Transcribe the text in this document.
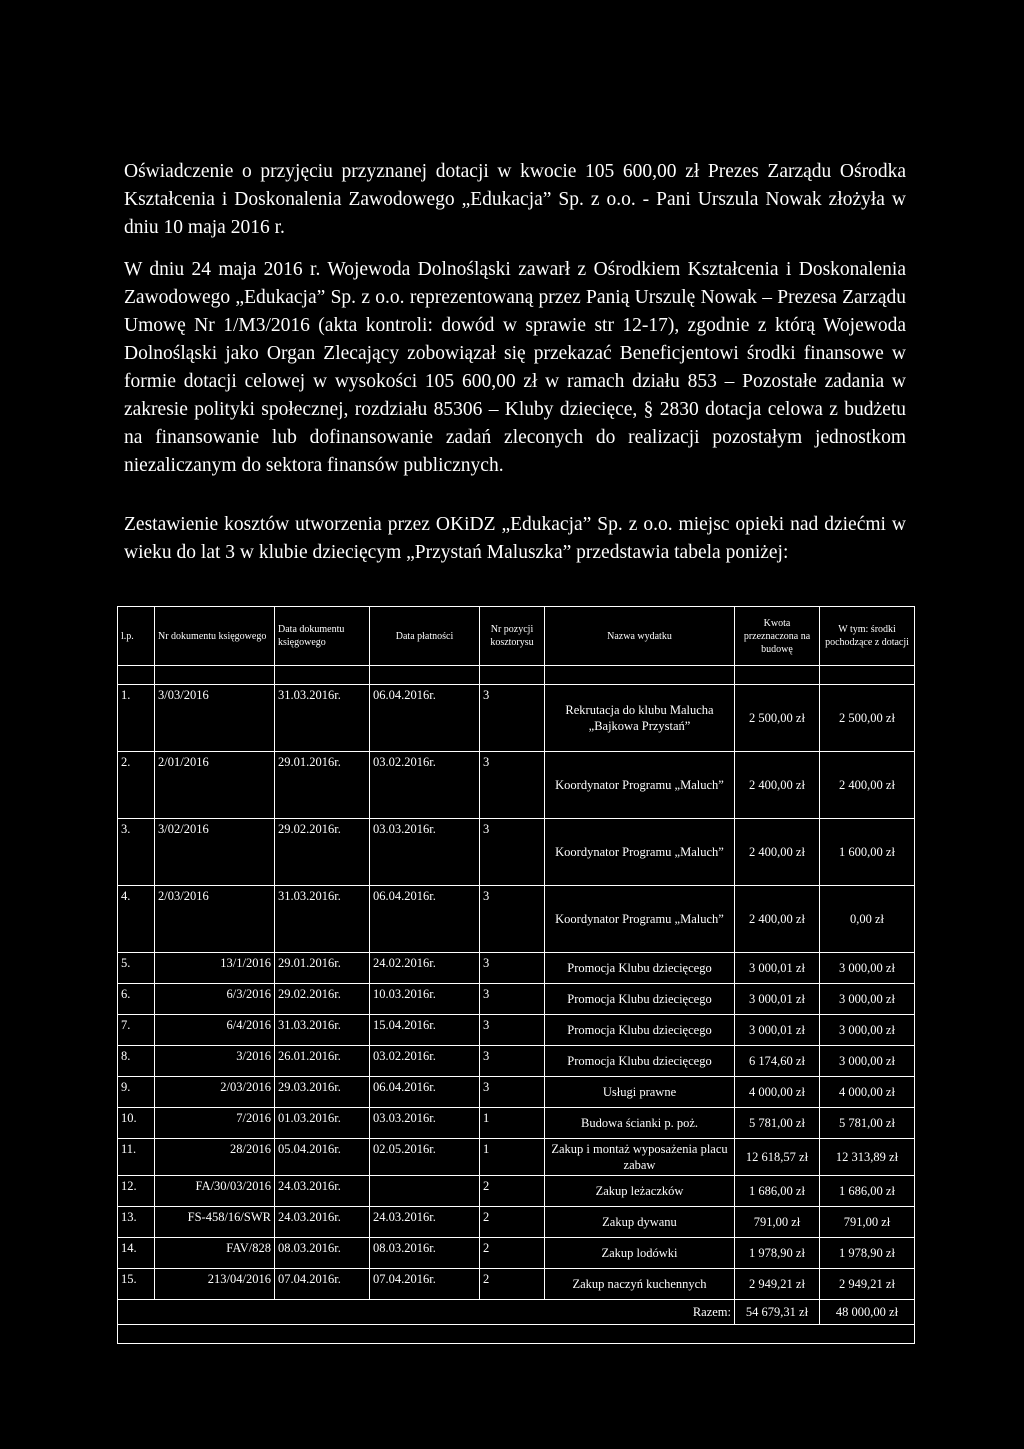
Oświadczenie o przyjęciu przyznanej dotacji w kwocie 105 600,00 zł Prezes Zarządu Ośrodka Kształcenia i Doskonalenia Zawodowego „Edukacja” Sp. z o.o. - Pani Urszula Nowak złożyła w dniu 10 maja 2016 r.

W dniu 24 maja 2016 r. Wojewoda Dolnośląski zawarł z Ośrodkiem Kształcenia i Doskonalenia Zawodowego „Edukacja” Sp. z o.o. reprezentowaną przez Panią Urszulę Nowak – Prezesa Zarządu Umowę Nr 1/M3/2016 (akta kontroli: dowód w sprawie str 12-17), zgodnie z którą Wojewoda Dolnośląski jako Organ Zlecający zobowiązał się przekazać Beneficjentowi środki finansowe w formie dotacji celowej w wysokości 105 600,00 zł w ramach działu 853 – Pozostałe zadania w zakresie polityki społecznej, rozdziału 85306 – Kluby dziecięce, § 2830 dotacja celowa z budżetu na finansowanie lub dofinansowanie zadań zleconych do realizacji pozostałym jednostkom niezaliczanym do sektora finansów publicznych.

Zestawienie kosztów utworzenia przez OKiDZ „Edukacja” Sp. z o.o. miejsc opieki nad dziećmi w wieku do lat 3 w klubie dziecięcym „Przystań Maluszka” przedstawia tabela poniżej:

l.p.	Nr dokumentu księgowego	Data dokumentu księgowego	Data płatności	Nr pozycji kosztorysu	Nazwa wydatku	Kwota przeznaczona na budowę	W tym: środki pochodzące z dotacji

1.	3/03/2016	31.03.2016r.	06.04.2016r.	3	Rekrutacja do klubu Malucha „Bajkowa Przystań”	2 500,00 zł	2 500,00 zł
2.	2/01/2016	29.01.2016r.	03.02.2016r.	3	Koordynator Programu „Maluch”	2 400,00 zł	2 400,00 zł
3.	3/02/2016	29.02.2016r.	03.03.2016r.	3	Koordynator Programu „Maluch”	2 400,00 zł	1 600,00 zł
4.	2/03/2016	31.03.2016r.	06.04.2016r.	3	Koordynator Programu „Maluch”	2 400,00 zł	0,00 zł
5.	13/1/2016	29.01.2016r.	24.02.2016r.	3	Promocja Klubu dziecięcego	3 000,01 zł	3 000,00 zł
6.	6/3/2016	29.02.2016r.	10.03.2016r.	3	Promocja Klubu dziecięcego	3 000,01 zł	3 000,00 zł
7.	6/4/2016	31.03.2016r.	15.04.2016r.	3	Promocja Klubu dziecięcego	3 000,01 zł	3 000,00 zł
8.	3/2016	26.01.2016r.	03.02.2016r.	3	Promocja Klubu dziecięcego	6 174,60 zł	3 000,00 zł
9.	2/03/2016	29.03.2016r.	06.04.2016r.	3	Usługi prawne	4 000,00 zł	4 000,00 zł
10.	7/2016	01.03.2016r.	03.03.2016r.	1	Budowa ścianki p. poż.	5 781,00 zł	5 781,00 zł
11.	28/2016	05.04.2016r.	02.05.2016r.	1	Zakup i montaż wyposażenia placu zabaw	12 618,57 zł	12 313,89 zł
12.	FA/30/03/2016	24.03.2016r.		2	Zakup leżaczków	1 686,00 zł	1 686,00 zł
13.	FS-458/16/SWR	24.03.2016r.	24.03.2016r.	2	Zakup dywanu	791,00 zł	791,00 zł
14.	FAV/828	08.03.2016r.	08.03.2016r.	2	Zakup lodówki	1 978,90 zł	1 978,90 zł
15.	213/04/2016	07.04.2016r.	07.04.2016r.	2	Zakup naczyń kuchennych	2 949,21 zł	2 949,21 zł
Razem:						54 679,31 zł	48 000,00 zł
